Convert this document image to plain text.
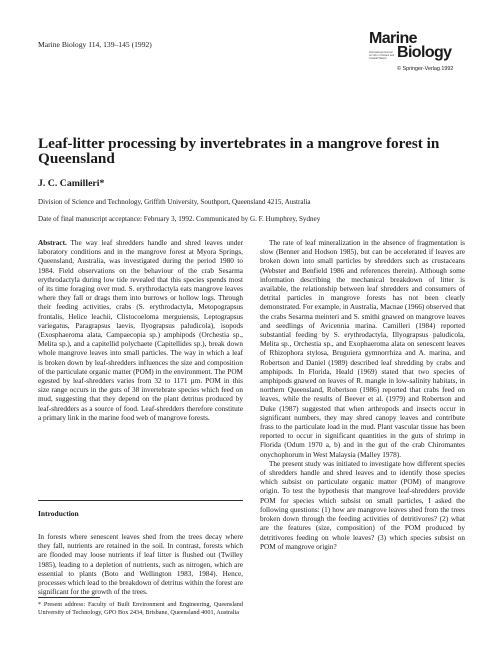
Marine Biology 114, 139–145 (1992)	Marine
International Journal on Life in Oceans and Coastal Waters Biology
© Springer-Verlag 1992
Leaf-litter processing by invertebrates in a mangrove forest in Queensland
J. C. Camilleri*
Division of Science and Technology, Griffith University, Southport, Queensland 4215, Australia
Date of final manuscript acceptance: February 3, 1992. Communicated by G. F. Humphrey, Sydney

Abstract. The way leaf shredders handle and shred leaves under laboratory conditions and in the mangrove forest at Myora Springs, Queensland, Australia, was investigated during the period 1980 to 1984. Field observations on the behaviour of the crab Sesarma erythrodactyla during low tide revealed that this species spends most of its time foraging over mud. S. erythrodactyla eats mangrove leaves where they fall or drags them into burrows or hollow logs. Through their feeding activities, crabs (S. erythrodactyla, Metopograpsus frontalis, Helice leachii, Clistocoeloma merguiensis, Leptograpsus variegatus, Paragrapsus laevis, Ilyograpsus paludicola), isopods (Exosphaeroma alata, Campaecopia sp.) amphipods (Orchestia sp., Melita sp.), and a capitellid polychaete (Capitellides sp.), break down whole mangrove leaves into small particles. The way in which a leaf is broken down by leaf-shredders influences the size and composition of the particulate organic matter (POM) in the environment. The POM egested by leaf-shredders varies from 32 to 1171 µm. POM in this size range occurs in the guts of 38 invertebrate species which feed on mud, suggesting that they depend on the plant detritus produced by leaf-shredders as a source of food. Leaf-shredders therefore constitute a primary link in the marine food web of mangrove forests.

Introduction

In forests where senescent leaves shed from the trees decay where they fall, nutrients are retained in the soil. In contrast, forests which are flooded may loose nutrients if leaf litter is flushed out (Twilley 1985), leading to a depletion of nutrients, such as nitrogen, which are essential to plants (Boto and Wellington 1983, 1984). Hence, processes which lead to the breakdown of detritus within the forest are significant for the growth of the trees.

* Present address: Faculty of Built Environment and Engineering, Queensland University of Technology, GPO Box 2434, Brisbane, Queensland 4001, Australia

The rate of leaf mineralization in the absence of fragmentation is slow (Benner and Hodson 1985), but can be accelerated if leaves are broken down into small particles by shredders such as crustaceans (Webster and Benfield 1986 and references therein). Although some information describing the mechanical breakdown of litter is available, the relationship between leaf shredders and consumers of detrital particles in mangrove forests has not been clearly demonstrated. For example, in Australia, Macnae (1966) observed that the crabs Sesarma meinteri and S. smithi gnawed on mangrove leaves and seedlings of Avicennia marina. Camilleri (1984) reported substantial feeding by S. erythrodactyla, Illyograpsus paludicola, Melita sp., Orchestia sp., and Exophaeroma alata on senescent leaves of Rhizophora stylosa, Bruguiera gymnorrhiza and A. marina, and Robertson and Daniel (1989) described leaf shredding by crabs and amphipods. In Florida, Heald (1969) stated that two species of amphipods gnawed on leaves of R. mangle in low-salinity habitats, in northern Queensland, Robertson (1986) reported that crabs feed on leaves, while the results of Beever et al. (1979) and Robertson and Duke (1987) suggested that when arthropods and insects occur in significant numbers, they may shred canopy leaves and contribute frass to the particulate load in the mud. Plant vascular tissue has been reported to occur in significant quantities in the guts of shrimp in Florida (Odum 1970 a, b) and in the gut of the crab Chiromantes onychophorum in West Malaysia (Malley 1978).

The present study was initiated to investigate how different species of shredders handle and shred leaves and to identify those species which subsist on particulate organic matter (POM) of mangrove origin. To test the hypothesis that mangrove leaf-shredders provide POM for species which subsist on small particles, I asked the following questions: (1) how are mangrove leaves shed from the trees broken down through the feeding activities of detritivores? (2) what are the features (size, composition) of the POM produced by detritivores feeding on whole leaves? (3) which species subsist on POM of mangrove origin?
